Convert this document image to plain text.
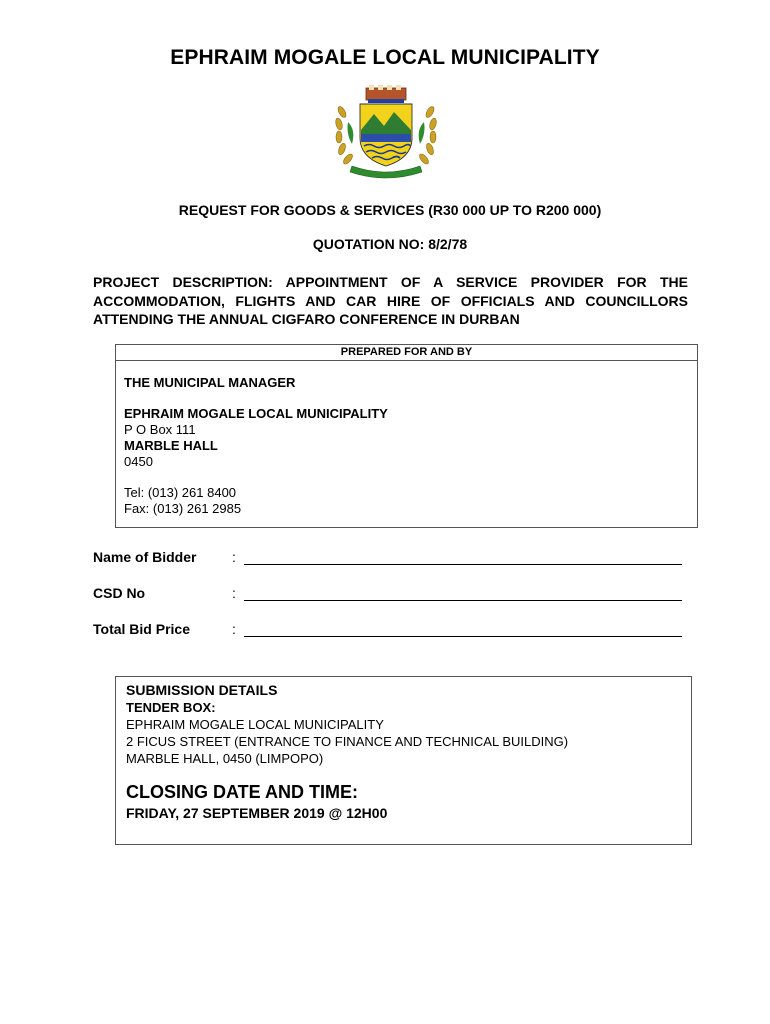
EPHRAIM MOGALE LOCAL MUNICIPALITY
REQUEST FOR GOODS & SERVICES (R30 000 UP TO R200 000)
QUOTATION NO: 8/2/78
PROJECT DESCRIPTION: APPOINTMENT OF A SERVICE PROVIDER FOR THE ACCOMMODATION, FLIGHTS AND CAR HIRE OF OFFICIALS AND COUNCILLORS ATTENDING THE ANNUAL CIGFARO CONFERENCE IN DURBAN
PREPARED FOR AND BY
THE MUNICIPAL MANAGER
EPHRAIM MOGALE LOCAL MUNICIPALITY
P O Box 111
MARBLE HALL
0450
Tel: (013) 261 8400
Fax: (013) 261 2985
Name of Bidder	:
CSD No	:
Total Bid Price	:
SUBMISSION DETAILS
TENDER BOX:
EPHRAIM MOGALE LOCAL MUNICIPALITY
2 FICUS STREET (ENTRANCE TO FINANCE AND TECHNICAL BUILDING)
MARBLE HALL, 0450 (LIMPOPO)
CLOSING DATE AND TIME:
FRIDAY, 27 SEPTEMBER 2019 @ 12H00
